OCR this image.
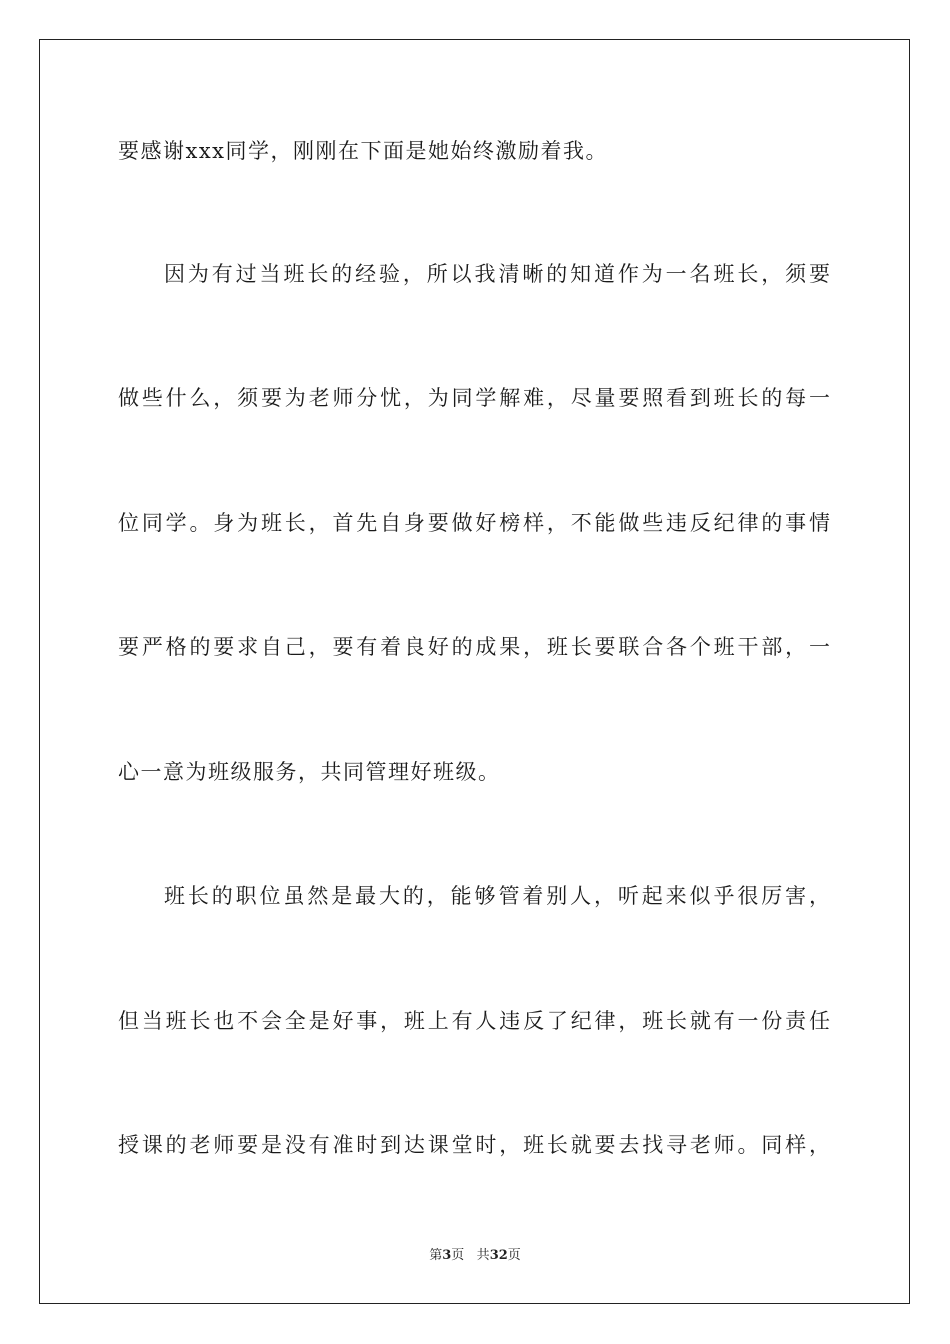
要感谢xxx同学，刚刚在下面是她始终激励着我。
因为有过当班长的经验，所以我清晰的知道作为一名班长，须要
做些什么，须要为老师分忧，为同学解难，尽量要照看到班长的每一
位同学。身为班长，首先自身要做好榜样，不能做些违反纪律的事情
要严格的要求自己，要有着良好的成果，班长要联合各个班干部，一
心一意为班级服务，共同管理好班级。
班长的职位虽然是最大的，能够管着别人，听起来似乎很厉害，
但当班长也不会全是好事，班上有人违反了纪律，班长就有一份责任
授课的老师要是没有准时到达课堂时，班长就要去找寻老师。同样，
第3页 共32页
